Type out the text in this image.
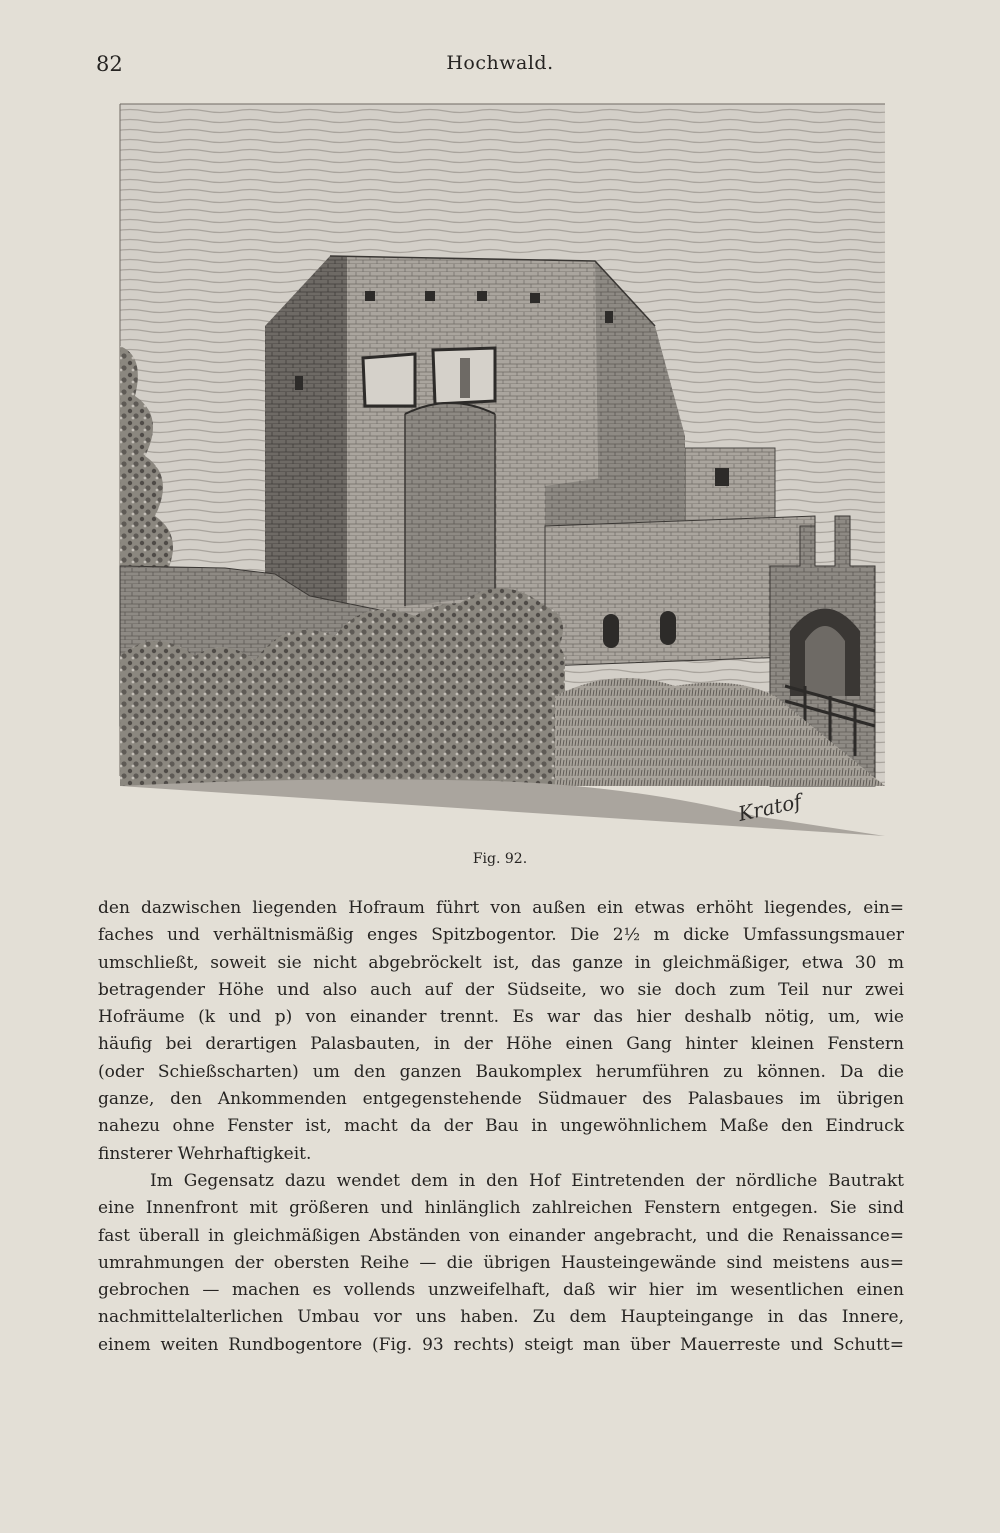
82	Hochwald.
Kratof
Fig. 92.

den dazwischen liegenden Hofraum führt von außen ein etwas erhöht liegendes, ein=
faches und verhältnismäßig enges Spitzbogentor. Die 2½ m dicke Umfassungsmauer
umschließt, soweit sie nicht abgebröckelt ist, das ganze in gleichmäßiger, etwa 30 m
betragender Höhe und also auch auf der Südseite, wo sie doch zum Teil nur zwei
Hofräume (k und p) von einander trennt. Es war das hier deshalb nötig, um, wie
häufig bei derartigen Palasbauten, in der Höhe einen Gang hinter kleinen Fenstern
(oder Schießscharten) um den ganzen Baukomplex herumführen zu können. Da die
ganze, den Ankommenden entgegenstehende Südmauer des Palasbaues im übrigen
nahezu ohne Fenster ist, macht da der Bau in ungewöhnlichem Maße den Eindruck
finsterer Wehrhaftigkeit.

Im Gegensatz dazu wendet dem in den Hof Eintretenden der nördliche Bautrakt
eine Innenfront mit größeren und hinlänglich zahlreichen Fenstern entgegen. Sie sind
fast überall in gleichmäßigen Abständen von einander angebracht, und die Renaissance=
umrahmungen der obersten Reihe — die übrigen Hausteingewände sind meistens aus=
gebrochen — machen es vollends unzweifelhaft, daß wir hier im wesentlichen einen
nachmittelalterlichen Umbau vor uns haben. Zu dem Haupteingange in das Innere,
einem weiten Rundbogentore (Fig. 93 rechts) steigt man über Mauerreste und Schutt=
